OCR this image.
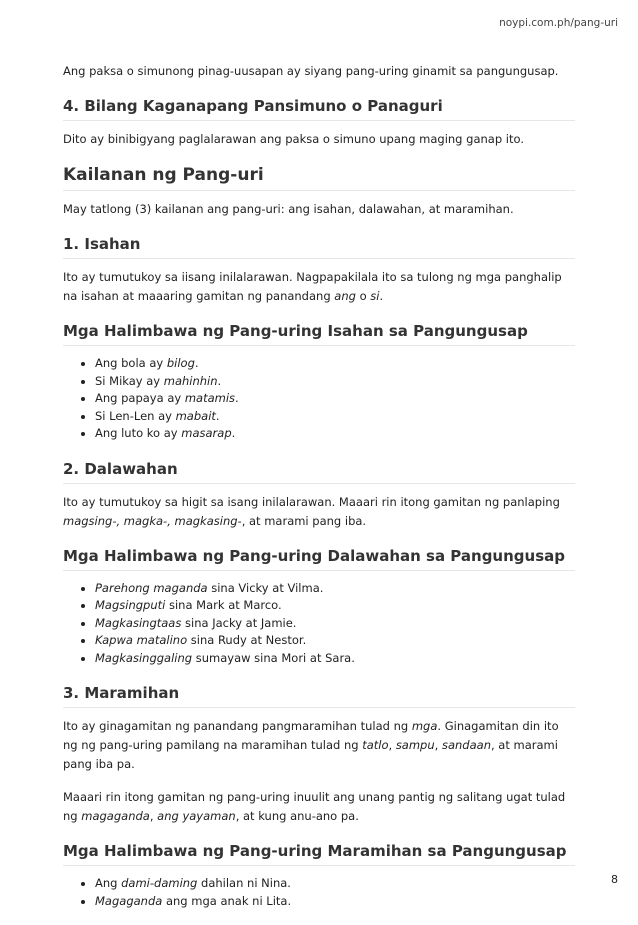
noypi.com.ph/pang-uri

Ang paksa o simunong pinag-uusapan ay siyang pang-uring ginamit sa pangungusap.

4. Bilang Kaganapang Pansimuno o Panaguri

Dito ay binibigyang paglalarawan ang paksa o simuno upang maging ganap ito.

Kailanan ng Pang-uri

May tatlong (3) kailanan ang pang-uri: ang isahan, dalawahan, at maramihan.

1. Isahan

Ito ay tumutukoy sa iisang inilalarawan. Nagpapakilala ito sa tulong ng mga panghalip na isahan at maaaring gamitan ng panandang ang o si.

Mga Halimbawa ng Pang-uring Isahan sa Pangungusap
• Ang bola ay bilog.
• Si Mikay ay mahinhin.
• Ang papaya ay matamis.
• Si Len-Len ay mabait.
• Ang luto ko ay masarap.
2. Dalawahan

Ito ay tumutukoy sa higit sa isang inilalarawan. Maaari rin itong gamitan ng panlaping magsing-, magka-, magkasing-, at marami pang iba.

Mga Halimbawa ng Pang-uring Dalawahan sa Pangungusap
• Parehong maganda sina Vicky at Vilma.
• Magsingputi sina Mark at Marco.
• Magkasingtaas sina Jacky at Jamie.
• Kapwa matalino sina Rudy at Nestor.
• Magkasinggaling sumayaw sina Mori at Sara.
3. Maramihan

Ito ay ginagamitan ng panandang pangmaramihan tulad ng mga. Ginagamitan din ito ng ng pang-uring pamilang na maramihan tulad ng tatlo, sampu, sandaan, at marami pang iba pa.

Maaari rin itong gamitan ng pang-uring inuulit ang unang pantig ng salitang ugat tulad ng magaganda, ang yayaman, at kung anu-ano pa.

Mga Halimbawa ng Pang-uring Maramihan sa Pangungusap
• Ang dami-daming dahilan ni Nina.
• Magaganda ang mga anak ni Lita.
8
